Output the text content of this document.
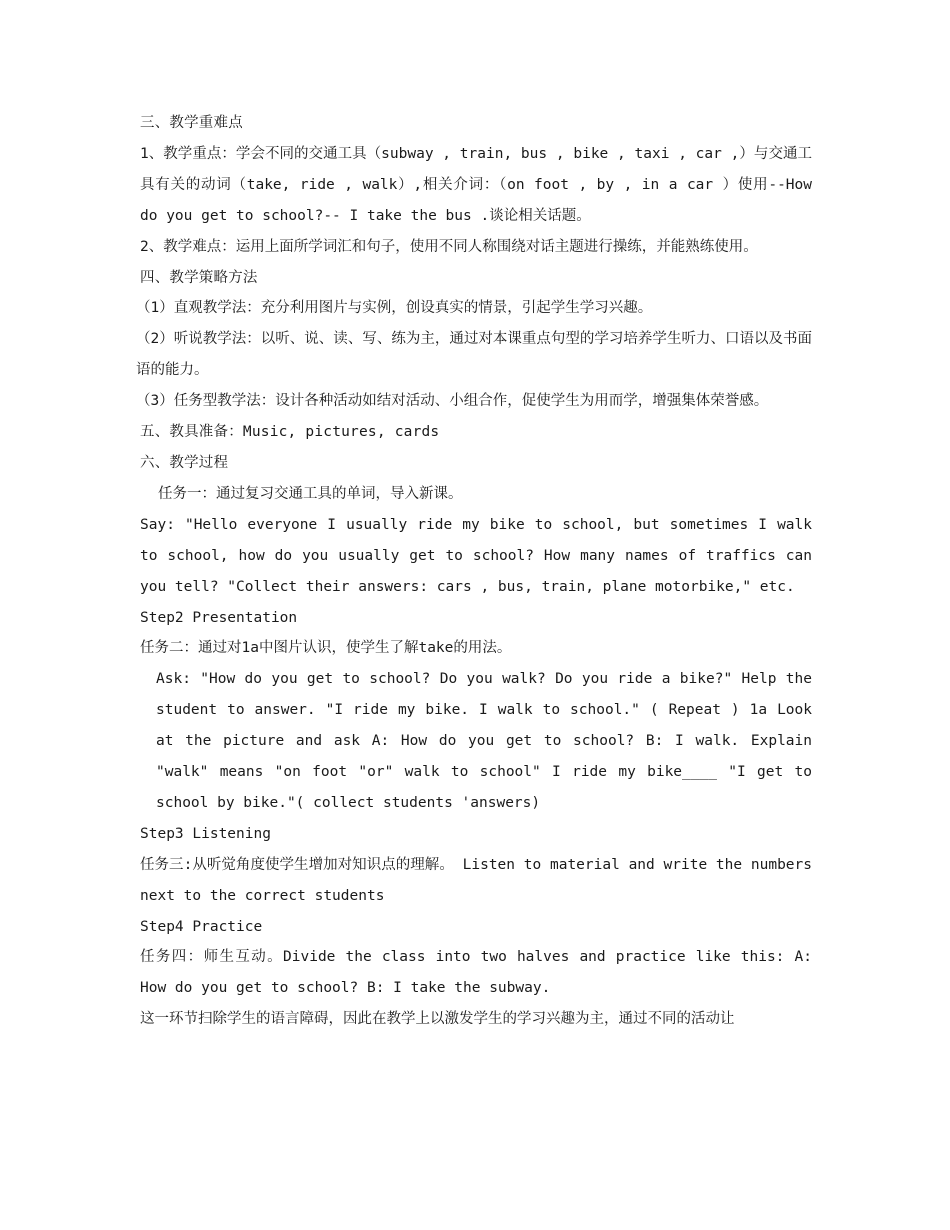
三、教学重难点

1、教学重点：学会不同的交通工具（subway , train, bus , bike , taxi , car ,）与交通工具有关的动词（take, ride , walk）,相关介词：（on foot , by , in a car ）使用--How do you get to school?-- I take the bus .谈论相关话题。

2、教学难点：运用上面所学词汇和句子，使用不同人称围绕对话主题进行操练，并能熟练使用。

四、教学策略方法

（1）直观教学法：充分利用图片与实例，创设真实的情景，引起学生学习兴趣。

（2）听说教学法：以听、说、读、写、练为主，通过对本课重点句型的学习培养学生听力、口语以及书面语的能力。

（3）任务型教学法：设计各种活动如结对活动、小组合作，促使学生为用而学，增强集体荣誉感。

五、教具准备：Music, pictures, cards

六、教学过程

任务一：通过复习交通工具的单词，导入新课。

Say: "Hello everyone I usually ride my bike to school, but sometimes I walk to school, how do you usually get to school? How many names of traffics can you tell? "Collect their answers: cars , bus, train, plane motorbike," etc.

Step2 Presentation

任务二：通过对1a中图片认识，使学生了解take的用法。

Ask: "How do you get to school? Do you walk? Do you ride a bike?" Help the student to answer. "I ride my bike. I walk to school." ( Repeat ) 1a Look at the picture and ask A: How do you get to school? B: I walk. Explain "walk" means "on foot "or" walk to school" I ride my bike____ "I get to school by bike."( collect students 'answers)

Step3 Listening

任务三:从听觉角度使学生增加对知识点的理解。 Listen to material and write the numbers next to the correct students

Step4 Practice

任务四：师生互动。Divide the class into two halves and practice like this: A: How do you get to school? B: I take the subway.

这一环节扫除学生的语言障碍，因此在教学上以激发学生的学习兴趣为主，通过不同的活动让
